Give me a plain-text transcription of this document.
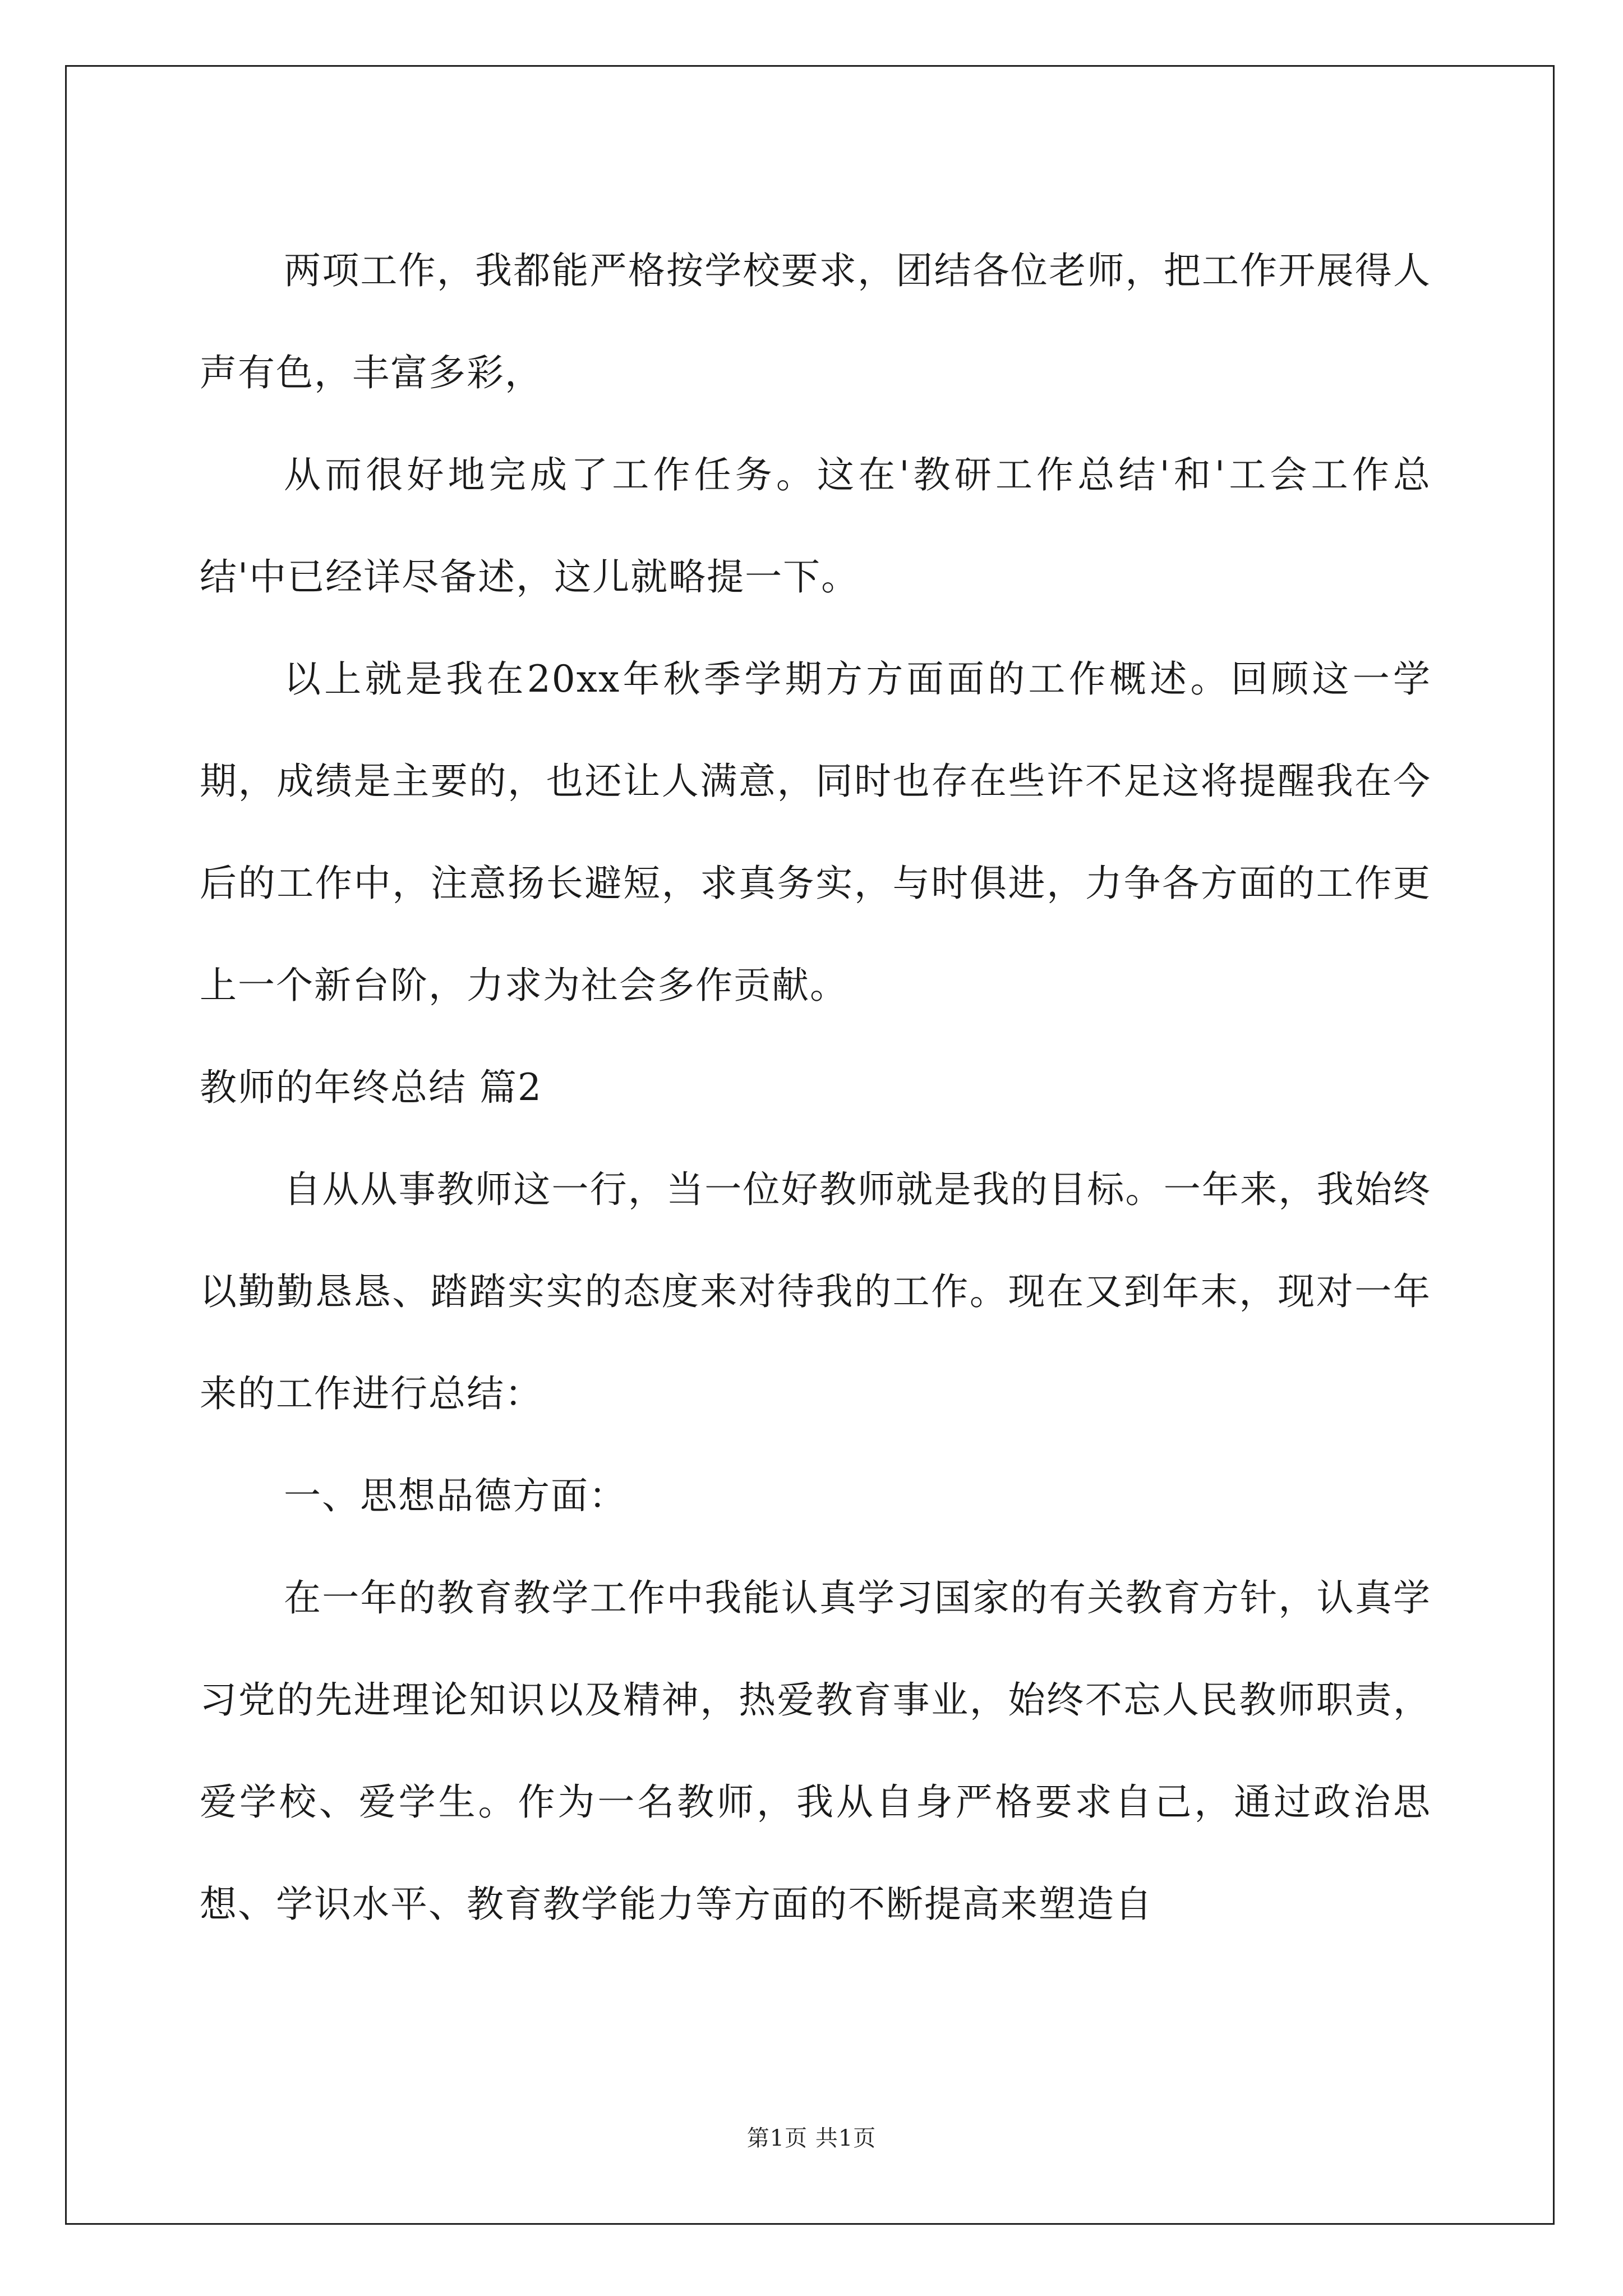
两项工作，我都能严格按学校要求，团结各位老师，把工作开展得人声有色，丰富多彩，

从而很好地完成了工作任务。这在'教研工作总结'和'工会工作总结'中已经详尽备述，这儿就略提一下。

以上就是我在20xx年秋季学期方方面面的工作概述。回顾这一学期，成绩是主要的，也还让人满意，同时也存在些许不足这将提醒我在今后的工作中，注意扬长避短，求真务实，与时俱进，力争各方面的工作更上一个新台阶，力求为社会多作贡献。

教师的年终总结 篇2

自从从事教师这一行，当一位好教师就是我的目标。一年来，我始终以勤勤恳恳、踏踏实实的态度来对待我的工作。现在又到年末，现对一年来的工作进行总结：

一、思想品德方面：

在一年的教育教学工作中我能认真学习国家的有关教育方针，认真学习党的先进理论知识以及精神，热爱教育事业，始终不忘人民教师职责，爱学校、爱学生。作为一名教师，我从自身严格要求自己，通过政治思想、学识水平、教育教学能力等方面的不断提高来塑造自

第1页 共1页
